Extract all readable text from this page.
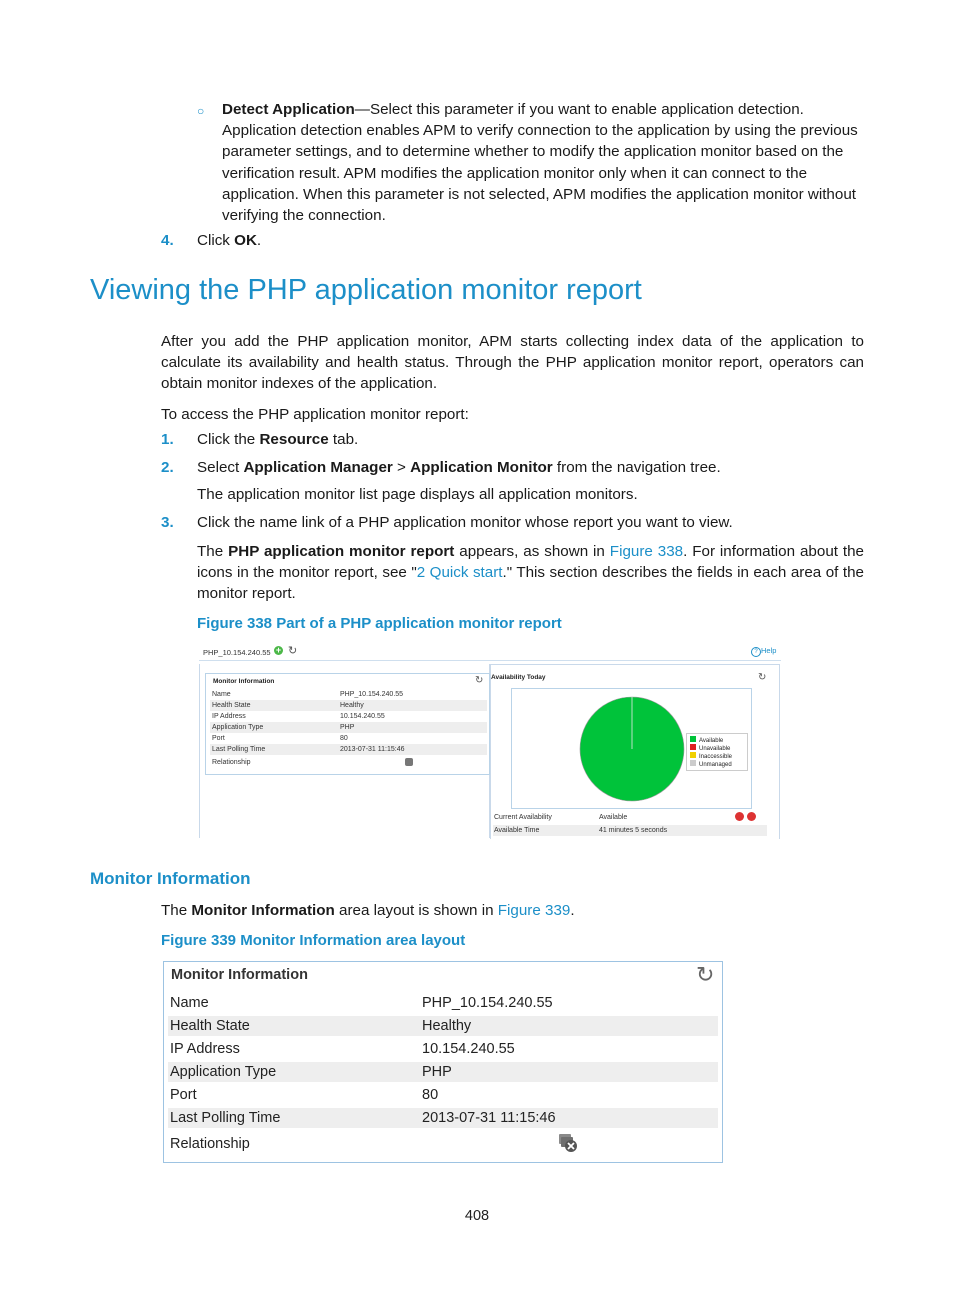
○ Detect Application—Select this parameter if you want to enable application detection.
Application detection enables APM to verify connection to the application by using the previous
parameter settings, and to determine whether to modify the application monitor based on the
verification result. APM modifies the application monitor only when it can connect to the
application. When this parameter is not selected, APM modifies the application monitor without
verifying the connection.
4. Click OK.
Viewing the PHP application monitor report
After you add the PHP application monitor, APM starts collecting index data of the application to
calculate its availability and health status. Through the PHP application monitor report, operators can
obtain monitor indexes of the application.
To access the PHP application monitor report:
1. Click the Resource tab.
2. Select Application Manager > Application Monitor from the navigation tree.
The application monitor list page displays all application monitors.
3. Click the name link of a PHP application monitor whose report you want to view.
The PHP application monitor report appears, as shown in Figure 338. For information about the
icons in the monitor report, see "2 Quick start." This section describes the fields in each area of the
monitor report.
Figure 338 Part of a PHP application monitor report
PHP_10.154.240.55 + ↻	? Help
Monitor Information	↻
Name	PHP_10.154.240.55
Health State	Healthy
IP Address	10.154.240.55
Application Type	PHP
Port	80
Last Polling Time	2013-07-31 11:15:46
Relationship
Availability Today	↻
Available
Unavailable
Inaccessible
Unmanaged
Current Availability	Available
Available Time	41 minutes 5 seconds
Monitor Information
The Monitor Information area layout is shown in Figure 339.
Figure 339 Monitor Information area layout
Monitor Information	↻
Name	PHP_10.154.240.55
Health State	Healthy
IP Address	10.154.240.55
Application Type	PHP
Port	80
Last Polling Time	2013-07-31 11:15:46
Relationship
408
